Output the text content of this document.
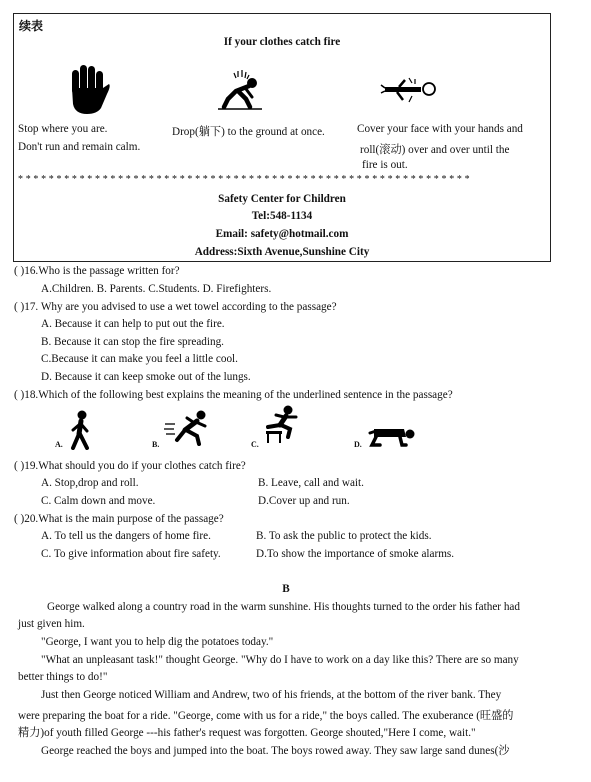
续表
If your clothes catch fire
Stop where you are.
Don't run and remain calm.
Drop(躺下) to the ground at once.	Cover your face with your hands and
roll(滚动) over and over until the
fire is out.
* * * * * * * * * * * * * * * * * * * * * * * * * * * * * * * * * * * * * * * * * * * * * * * * * * * * * * * * * * *
Safety Center for Children
Tel:548-1134
Email: safety@hotmail.com
Address:Sixth Avenue,Sunshine City
( )16.Who is the passage written for?
A.Children. B. Parents. C.Students. D. Firefighters.
( )17. Why are you advised to use a wet towel according to the passage?
A. Because it can help to put out the fire.
B. Because it can stop the fire spreading.
C.Because it can make you feel a little cool.
D. Because it can keep smoke out of the lungs.
( )18.Which of the following best explains the meaning of the underlined sentence in the passage?
A.	B.	C.	D.
( )19.What should you do if your clothes catch fire?
A. Stop,drop and roll.	B. Leave, call and wait.
C. Calm down and move.	D.Cover up and run.
( )20.What is the main purpose of the passage?
A. To tell us the dangers of home fire.	B. To ask the public to protect the kids.
C. To give information about fire safety.	D.To show the importance of smoke alarms.
B
George walked along a country road in the warm sunshine. His thoughts turned to the order his father had
just given him.
"George, I want you to help dig the potatoes today."
"What an unpleasant task!" thought George. "Why do I have to work on a day like this? There are so many
better things to do!"
Just then George noticed William and Andrew, two of his friends, at the bottom of the river bank. They
were preparing the boat for a ride. "George, come with us for a ride," the boys called. The exuberance (旺盛的
精力)of youth filled George ---his father's request was forgotten. George shouted,"Here I come, wait."
George reached the boys and jumped into the boat. The boys rowed away. They saw large sand dunes(沙
